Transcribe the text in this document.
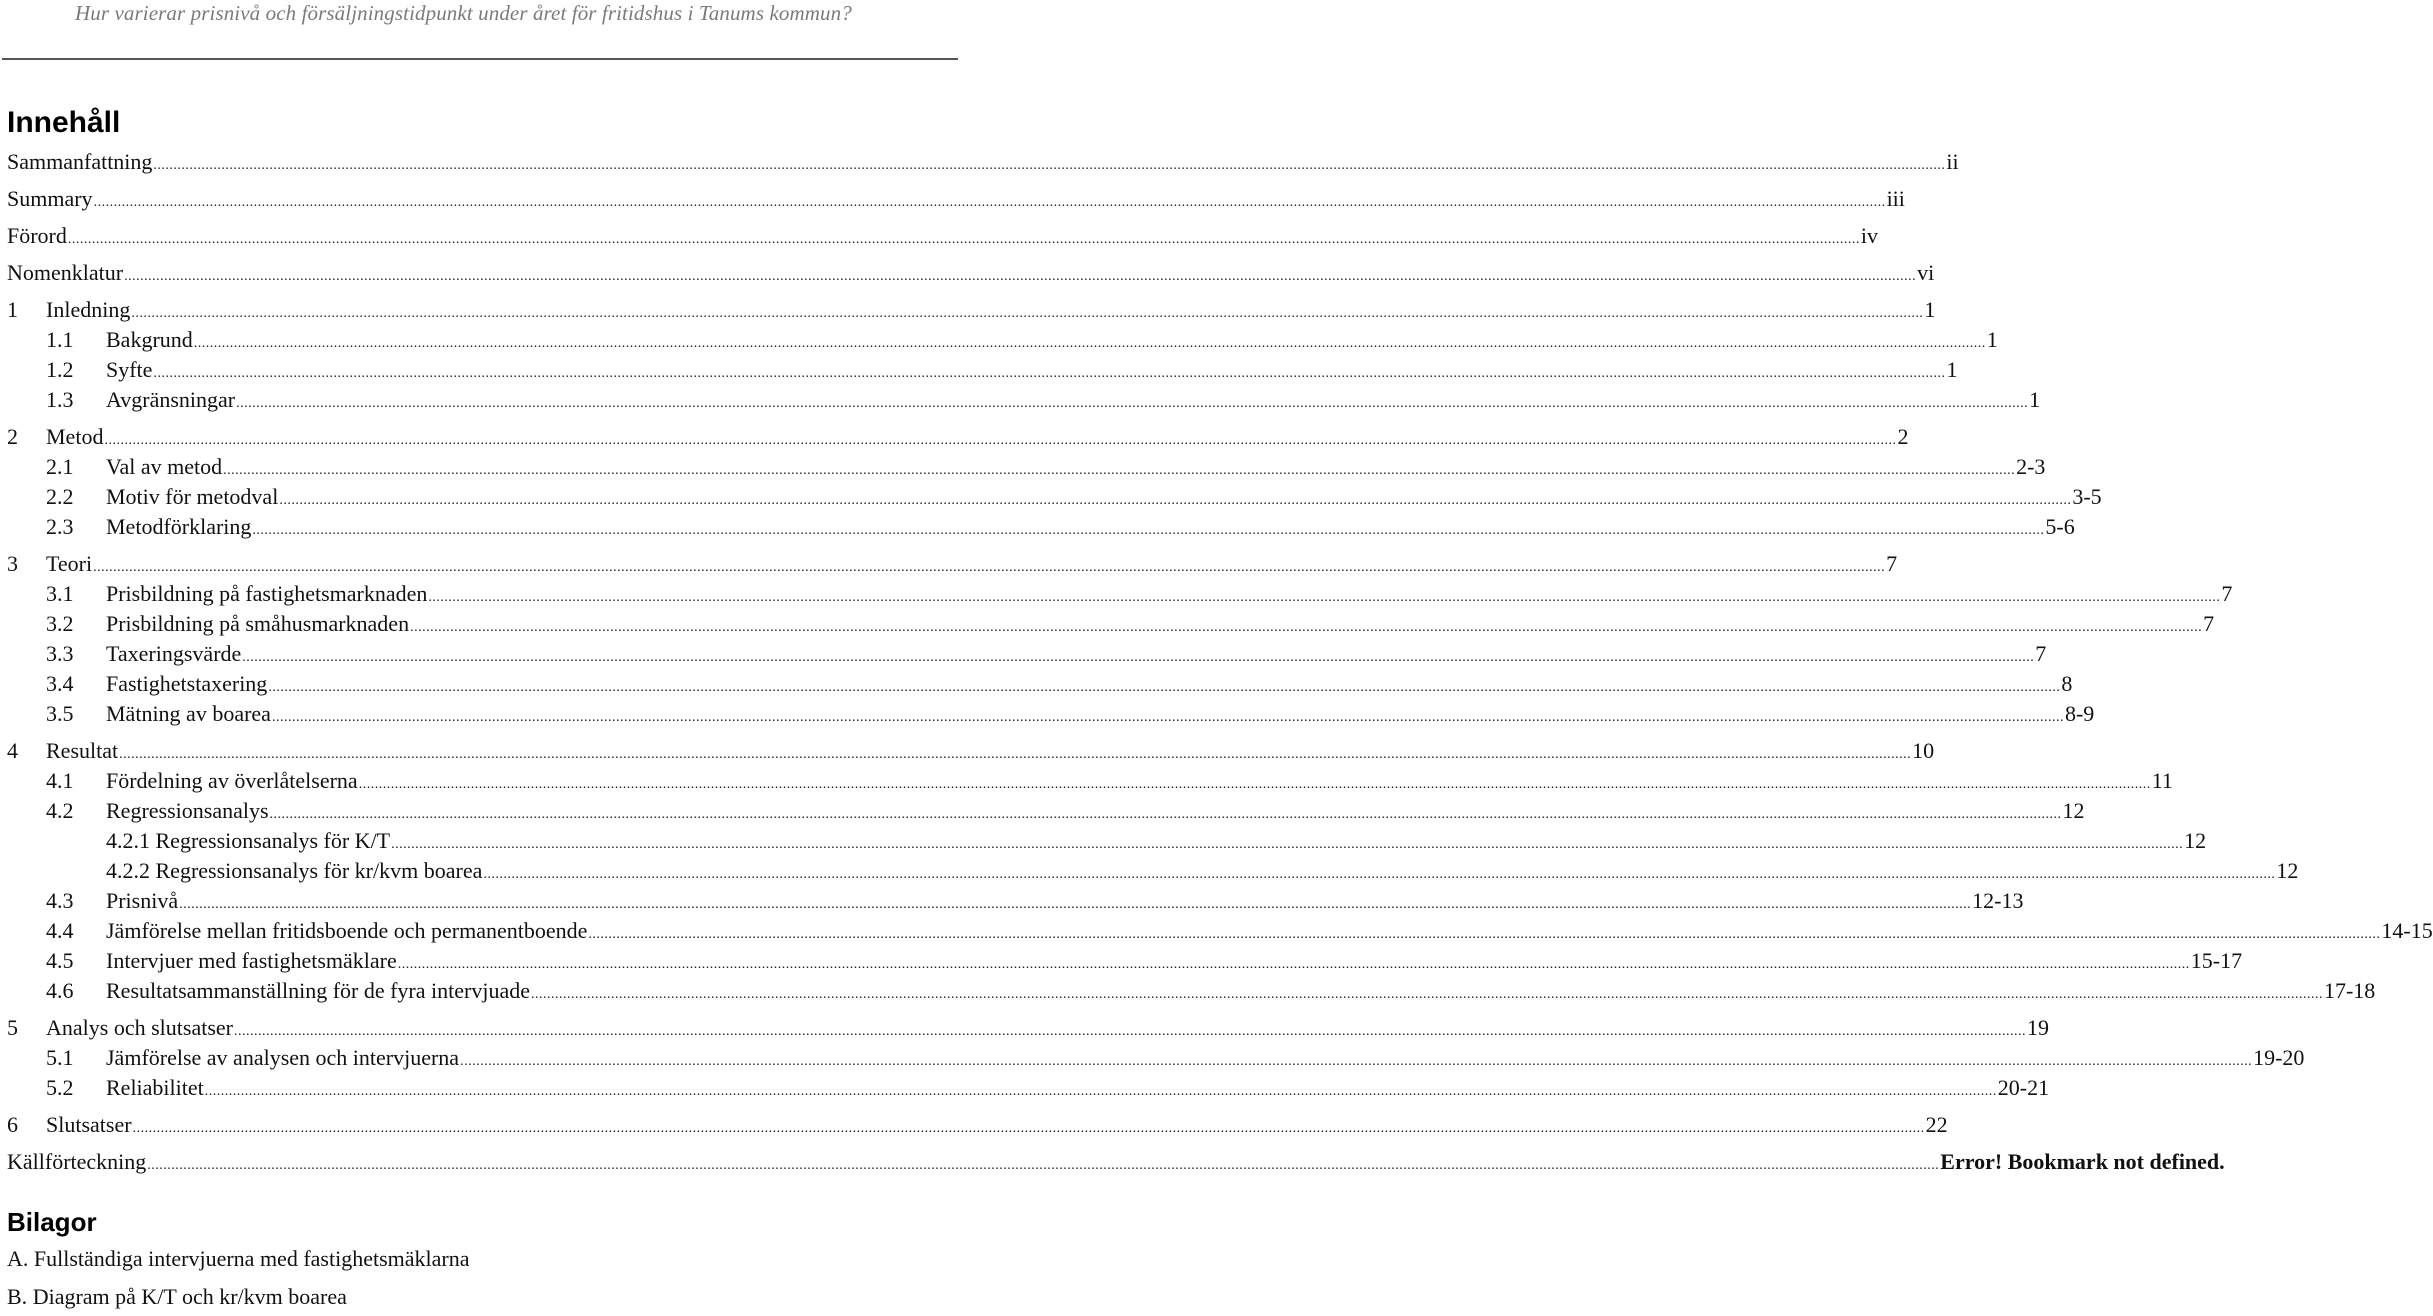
Hur varierar prisnivå och försäljningstidpunkt under året för fritidshus i Tanums kommun?
Innehåll
Sammanfattning ................................................................................................................................................................................................................................................................................................................................................................................................................................................................ ii
Summary ................................................................................................................................................................................................................................................................................................................................................................................................................................................................ iii
Förord ................................................................................................................................................................................................................................................................................................................................................................................................................................................................ iv
Nomenklatur ................................................................................................................................................................................................................................................................................................................................................................................................................................................................ vi
1 Inledning ................................................................................................................................................................................................................................................................................................................................................................................................................................................................ 1
1.1 Bakgrund ................................................................................................................................................................................................................................................................................................................................................................................................................................................................ 1
1.2 Syfte ................................................................................................................................................................................................................................................................................................................................................................................................................................................................ 1
1.3 Avgränsningar ................................................................................................................................................................................................................................................................................................................................................................................................................................................................ 1
2 Metod ................................................................................................................................................................................................................................................................................................................................................................................................................................................................ 2
2.1 Val av metod ................................................................................................................................................................................................................................................................................................................................................................................................................................................................ 2-3
2.2 Motiv för metodval ................................................................................................................................................................................................................................................................................................................................................................................................................................................................ 3-5
2.3 Metodförklaring ................................................................................................................................................................................................................................................................................................................................................................................................................................................................ 5-6
3 Teori ................................................................................................................................................................................................................................................................................................................................................................................................................................................................ 7
3.1 Prisbildning på fastighetsmarknaden ................................................................................................................................................................................................................................................................................................................................................................................................................................................................ 7
3.2 Prisbildning på småhusmarknaden ................................................................................................................................................................................................................................................................................................................................................................................................................................................................ 7
3.3 Taxeringsvärde ................................................................................................................................................................................................................................................................................................................................................................................................................................................................ 7
3.4 Fastighetstaxering ................................................................................................................................................................................................................................................................................................................................................................................................................................................................ 8
3.5 Mätning av boarea ................................................................................................................................................................................................................................................................................................................................................................................................................................................................ 8-9
4 Resultat ................................................................................................................................................................................................................................................................................................................................................................................................................................................................ 10
4.1 Fördelning av överlåtelserna ................................................................................................................................................................................................................................................................................................................................................................................................................................................................ 11
4.2 Regressionsanalys ................................................................................................................................................................................................................................................................................................................................................................................................................................................................ 12
4.2.1 Regressionsanalys för K/T ................................................................................................................................................................................................................................................................................................................................................................................................................................................................ 12
4.2.2 Regressionsanalys för kr/kvm boarea ................................................................................................................................................................................................................................................................................................................................................................................................................................................................ 12
4.3 Prisnivå ................................................................................................................................................................................................................................................................................................................................................................................................................................................................ 12-13
4.4 Jämförelse mellan fritidsboende och permanentboende ................................................................................................................................................................................................................................................................................................................................................................................................................................................................ 14-15
4.5 Intervjuer med fastighetsmäklare ................................................................................................................................................................................................................................................................................................................................................................................................................................................................ 15-17
4.6 Resultatsammanställning för de fyra intervjuade ................................................................................................................................................................................................................................................................................................................................................................................................................................................................ 17-18
5 Analys och slutsatser ................................................................................................................................................................................................................................................................................................................................................................................................................................................................ 19
5.1 Jämförelse av analysen och intervjuerna ................................................................................................................................................................................................................................................................................................................................................................................................................................................................ 19-20
5.2 Reliabilitet ................................................................................................................................................................................................................................................................................................................................................................................................................................................................ 20-21
6 Slutsatser ................................................................................................................................................................................................................................................................................................................................................................................................................................................................ 22
Källförteckning ................................................................................................................................................................................................................................................................................................................................................................................................................................................................ Error! Bookmark not defined.
Bilagor
A. Fullständiga intervjuerna med fastighetsmäklarna
B. Diagram på K/T och kr/kvm boarea
